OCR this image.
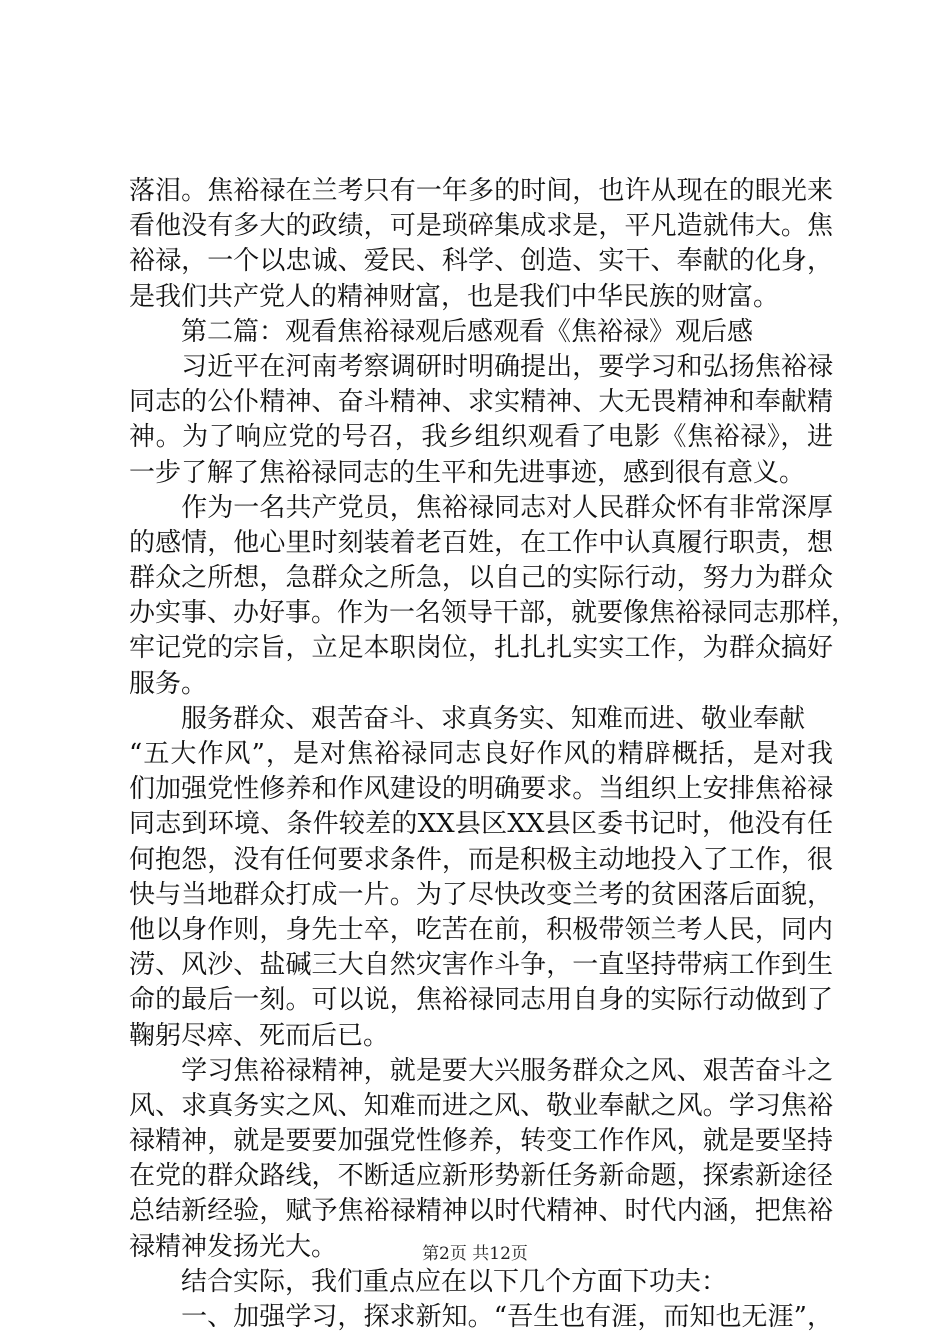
落泪。焦裕禄在兰考只有一年多的时间，也许从现在的眼光来
看他没有多大的政绩，可是琐碎集成求是，平凡造就伟大。焦
裕禄，一个以忠诚、爱民、科学、创造、实干、奉献的化身，
是我们共产党人的精神财富，也是我们中华民族的财富。
　　第二篇：观看焦裕禄观后感观看《焦裕禄》观后感
　　习近平在河南考察调研时明确提出，要学习和弘扬焦裕禄
同志的公仆精神、奋斗精神、求实精神、大无畏精神和奉献精
神。为了响应党的号召，我乡组织观看了电影《焦裕禄》，进
一步了解了焦裕禄同志的生平和先进事迹，感到很有意义。
　　作为一名共产党员，焦裕禄同志对人民群众怀有非常深厚
的感情，他心里时刻装着老百姓，在工作中认真履行职责，想
群众之所想，急群众之所急，以自己的实际行动，努力为群众
办实事、办好事。作为一名领导干部，就要像焦裕禄同志那样，
牢记党的宗旨，立足本职岗位，扎扎扎实实工作，为群众搞好
服务。
　　服务群众、艰苦奋斗、求真务实、知难而进、敬业奉献
“五大作风”，是对焦裕禄同志良好作风的精辟概括，是对我
们加强党性修养和作风建设的明确要求。当组织上安排焦裕禄
同志到环境、条件较差的XX县区XX县区委书记时，他没有任
何抱怨，没有任何要求条件，而是积极主动地投入了工作，很
快与当地群众打成一片。为了尽快改变兰考的贫困落后面貌，
他以身作则，身先士卒，吃苦在前，积极带领兰考人民，同内
涝、风沙、盐碱三大自然灾害作斗争，一直坚持带病工作到生
命的最后一刻。可以说，焦裕禄同志用自身的实际行动做到了
鞠躬尽瘁、死而后已。
　　学习焦裕禄精神，就是要大兴服务群众之风、艰苦奋斗之
风、求真务实之风、知难而进之风、敬业奉献之风。学习焦裕
禄精神，就是要要加强党性修养，转变工作作风，就是要坚持
在党的群众路线，不断适应新形势新任务新命题，探索新途径
总结新经验，赋予焦裕禄精神以时代精神、时代内涵，把焦裕
禄精神发扬光大。
　　结合实际，我们重点应在以下几个方面下功夫：
　　一、加强学习，探求新知。“吾生也有涯，而知也无涯”，
第2页 共12页
